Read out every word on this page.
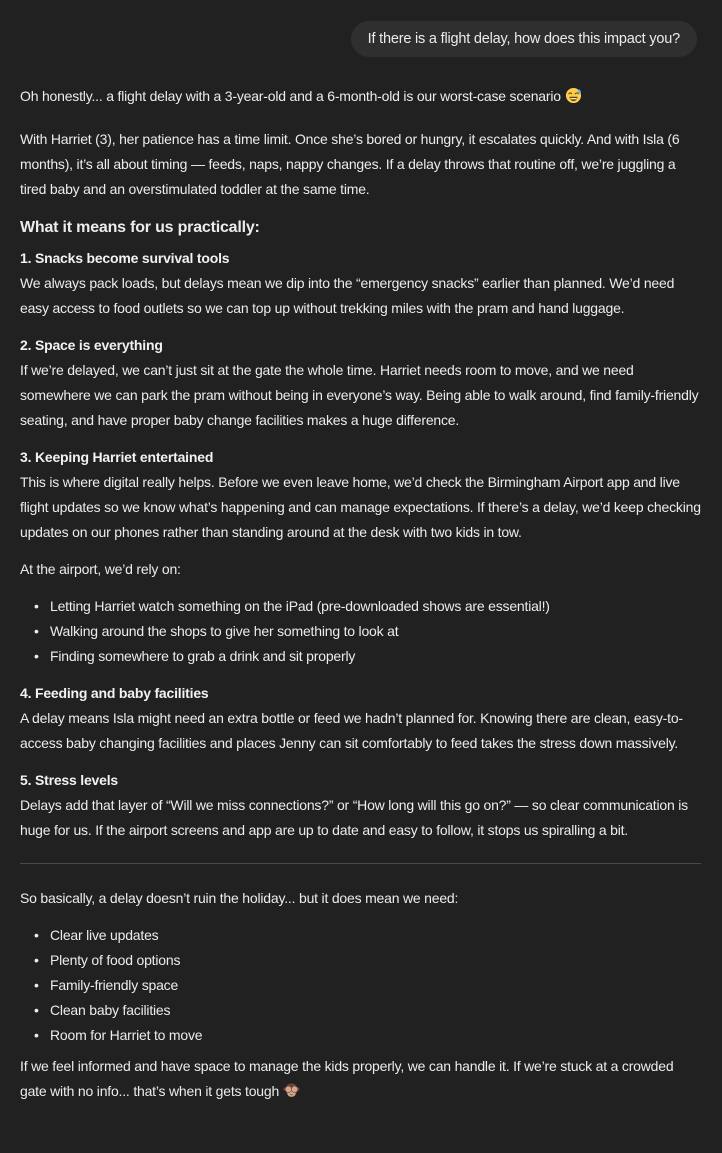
If there is a flight delay, how does this impact you?

Oh honestly... a flight delay with a 3-year-old and a 6-month-old is our worst-case scenario

With Harriet (3), her patience has a time limit. Once she’s bored or hungry, it escalates quickly. And with Isla (6 months), it’s all about timing — feeds, naps, nappy changes. If a delay throws that routine off, we’re juggling a tired baby and an overstimulated toddler at the same time.

What it means for us practically:

1. Snacks become survival tools
We always pack loads, but delays mean we dip into the “emergency snacks” earlier than planned. We’d need easy access to food outlets so we can top up without trekking miles with the pram and hand luggage.

2. Space is everything
If we’re delayed, we can’t just sit at the gate the whole time. Harriet needs room to move, and we need somewhere we can park the pram without being in everyone’s way. Being able to walk around, find family-friendly seating, and have proper baby change facilities makes a huge difference.

3. Keeping Harriet entertained
This is where digital really helps. Before we even leave home, we’d check the Birmingham Airport app and live flight updates so we know what’s happening and can manage expectations. If there’s a delay, we’d keep checking updates on our phones rather than standing around at the desk with two kids in tow.

At the airport, we’d rely on:

• Letting Harriet watch something on the iPad (pre-downloaded shows are essential!)
• Walking around the shops to give her something to look at
• Finding somewhere to grab a drink and sit properly

4. Feeding and baby facilities
A delay means Isla might need an extra bottle or feed we hadn’t planned for. Knowing there are clean, easy-to-access baby changing facilities and places Jenny can sit comfortably to feed takes the stress down massively.

5. Stress levels
Delays add that layer of “Will we miss connections?” or “How long will this go on?” — so clear communication is huge for us. If the airport screens and app are up to date and easy to follow, it stops us spiralling a bit.

So basically, a delay doesn’t ruin the holiday... but it does mean we need:

• Clear live updates
• Plenty of food options
• Family-friendly space
• Clean baby facilities
• Room for Harriet to move

If we feel informed and have space to manage the kids properly, we can handle it. If we’re stuck at a crowded gate with no info... that’s when it gets tough
